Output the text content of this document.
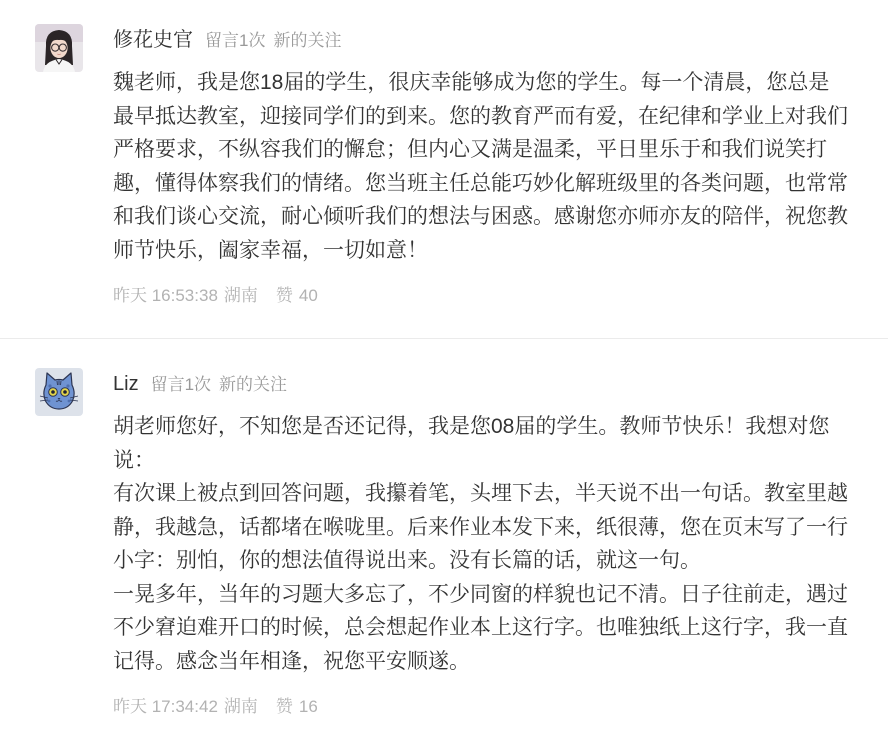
修花史官 留言1次 新的关注
魏老师，我是您18届的学生，很庆幸能够成为您的学生。每一个清晨，您总是
最早抵达教室，迎接同学们的到来。您的教育严而有爱，在纪律和学业上对我们
严格要求，不纵容我们的懈怠；但内心又满是温柔，平日里乐于和我们说笑打
趣，懂得体察我们的情绪。您当班主任总能巧妙化解班级里的各类问题，也常常
和我们谈心交流，耐心倾听我们的想法与困惑。感谢您亦师亦友的陪伴，祝您教
师节快乐，阖家幸福，一切如意！
昨天 16:53:38 湖南 赞 40
Liz 留言1次 新的关注
胡老师您好，不知您是否还记得，我是您08届的学生。教师节快乐！我想对您
说：
有次课上被点到回答问题，我攥着笔，头埋下去，半天说不出一句话。教室里越
静，我越急，话都堵在喉咙里。后来作业本发下来，纸很薄，您在页末写了一行
小字：别怕，你的想法值得说出来。没有长篇的话，就这一句。
一晃多年，当年的习题大多忘了，不少同窗的样貌也记不清。日子往前走，遇过
不少窘迫难开口的时候，总会想起作业本上这行字。也唯独纸上这行字，我一直
记得。感念当年相逢，祝您平安顺遂。
昨天 17:34:42 湖南 赞 16
